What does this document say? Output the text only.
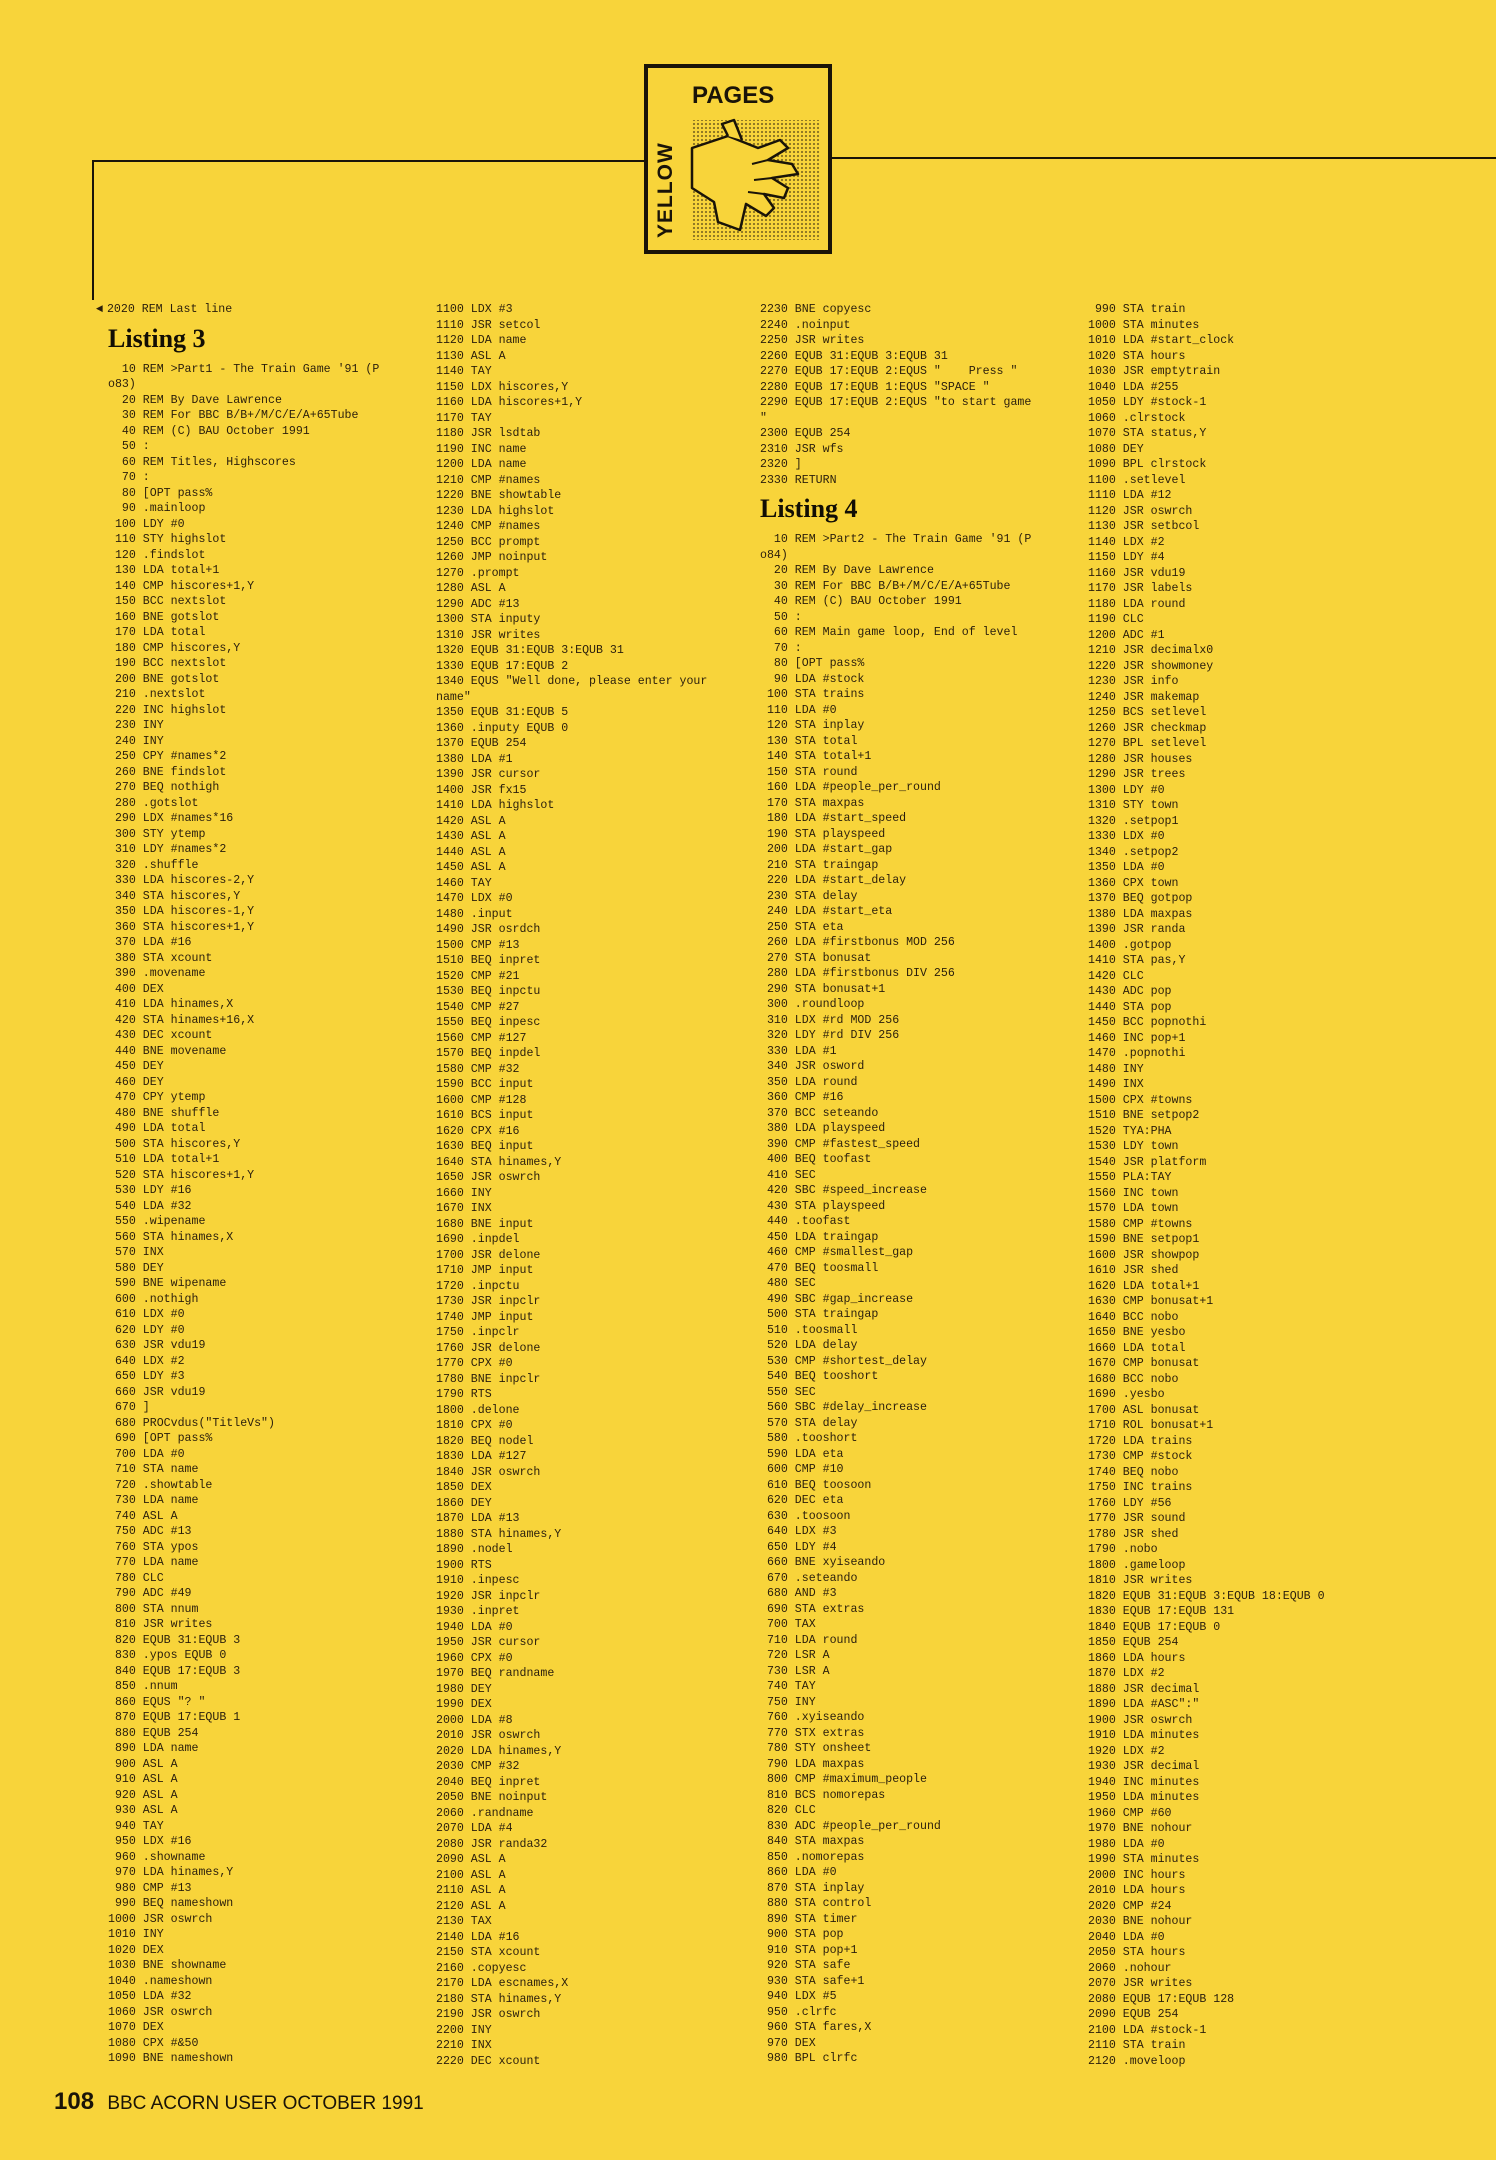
PAGES
YELLOW
◄ 2020 REM Last line
Listing 3
10 REM >Part1 - The Train Game '91 (P
o83)
20 REM By Dave Lawrence
30 REM For BBC B/B+/M/C/E/A+65Tube
40 REM (C) BAU October 1991
50 :
60 REM Titles, Highscores
70 :
80 [OPT pass%
90 .mainloop
100 LDY #0
110 STY highslot
120 .findslot
130 LDA total+1
140 CMP hiscores+1,Y
150 BCC nextslot
160 BNE gotslot
170 LDA total
180 CMP hiscores,Y
190 BCC nextslot
200 BNE gotslot
210 .nextslot
220 INC highslot
230 INY
240 INY
250 CPY #names*2
260 BNE findslot
270 BEQ nothigh
280 .gotslot
290 LDX #names*16
300 STY ytemp
310 LDY #names*2
320 .shuffle
330 LDA hiscores-2,Y
340 STA hiscores,Y
350 LDA hiscores-1,Y
360 STA hiscores+1,Y
370 LDA #16
380 STA xcount
390 .movename
400 DEX
410 LDA hinames,X
420 STA hinames+16,X
430 DEC xcount
440 BNE movename
450 DEY
460 DEY
470 CPY ytemp
480 BNE shuffle
490 LDA total
500 STA hiscores,Y
510 LDA total+1
520 STA hiscores+1,Y
530 LDY #16
540 LDA #32
550 .wipename
560 STA hinames,X
570 INX
580 DEY
590 BNE wipename
600 .nothigh
610 LDX #0
620 LDY #0
630 JSR vdu19
640 LDX #2
650 LDY #3
660 JSR vdu19
670 ]
680 PROCvdus("TitleVs")
690 [OPT pass%
700 LDA #0
710 STA name
720 .showtable
730 LDA name
740 ASL A
750 ADC #13
760 STA ypos
770 LDA name
780 CLC
790 ADC #49
800 STA nnum
810 JSR writes
820 EQUB 31:EQUB 3
830 .ypos EQUB 0
840 EQUB 17:EQUB 3
850 .nnum
860 EQUS "? "
870 EQUB 17:EQUB 1
880 EQUB 254
890 LDA name
900 ASL A
910 ASL A
920 ASL A
930 ASL A
940 TAY
950 LDX #16
960 .showname
970 LDA hinames,Y
980 CMP #13
990 BEQ nameshown
1000 JSR oswrch
1010 INY
1020 DEX
1030 BNE showname
1040 .nameshown
1050 LDA #32
1060 JSR oswrch
1070 DEX
1080 CPX #&50
1090 BNE nameshown
1100 LDX #3
1110 JSR setcol
1120 LDA name
1130 ASL A
1140 TAY
1150 LDX hiscores,Y
1160 LDA hiscores+1,Y
1170 TAY
1180 JSR lsdtab
1190 INC name
1200 LDA name
1210 CMP #names
1220 BNE showtable
1230 LDA highslot
1240 CMP #names
1250 BCC prompt
1260 JMP noinput
1270 .prompt
1280 ASL A
1290 ADC #13
1300 STA inputy
1310 JSR writes
1320 EQUB 31:EQUB 3:EQUB 31
1330 EQUB 17:EQUB 2
1340 EQUS "Well done, please enter your
name"
1350 EQUB 31:EQUB 5
1360 .inputy EQUB 0
1370 EQUB 254
1380 LDA #1
1390 JSR cursor
1400 JSR fx15
1410 LDA highslot
1420 ASL A
1430 ASL A
1440 ASL A
1450 ASL A
1460 TAY
1470 LDX #0
1480 .input
1490 JSR osrdch
1500 CMP #13
1510 BEQ inpret
1520 CMP #21
1530 BEQ inpctu
1540 CMP #27
1550 BEQ inpesc
1560 CMP #127
1570 BEQ inpdel
1580 CMP #32
1590 BCC input
1600 CMP #128
1610 BCS input
1620 CPX #16
1630 BEQ input
1640 STA hinames,Y
1650 JSR oswrch
1660 INY
1670 INX
1680 BNE input
1690 .inpdel
1700 JSR delone
1710 JMP input
1720 .inpctu
1730 JSR inpclr
1740 JMP input
1750 .inpclr
1760 JSR delone
1770 CPX #0
1780 BNE inpclr
1790 RTS
1800 .delone
1810 CPX #0
1820 BEQ nodel
1830 LDA #127
1840 JSR oswrch
1850 DEX
1860 DEY
1870 LDA #13
1880 STA hinames,Y
1890 .nodel
1900 RTS
1910 .inpesc
1920 JSR inpclr
1930 .inpret
1940 LDA #0
1950 JSR cursor
1960 CPX #0
1970 BEQ randname
1980 DEY
1990 DEX
2000 LDA #8
2010 JSR oswrch
2020 LDA hinames,Y
2030 CMP #32
2040 BEQ inpret
2050 BNE noinput
2060 .randname
2070 LDA #4
2080 JSR randa32
2090 ASL A
2100 ASL A
2110 ASL A
2120 ASL A
2130 TAX
2140 LDA #16
2150 STA xcount
2160 .copyesc
2170 LDA escnames,X
2180 STA hinames,Y
2190 JSR oswrch
2200 INY
2210 INX
2220 DEC xcount
2230 BNE copyesc
2240 .noinput
2250 JSR writes
2260 EQUB 31:EQUB 3:EQUB 31
2270 EQUB 17:EQUB 2:EQUS "    Press "
2280 EQUB 17:EQUB 1:EQUS "SPACE "
2290 EQUB 17:EQUB 2:EQUS "to start game
"
2300 EQUB 254
2310 JSR wfs
2320 ]
2330 RETURN
Listing 4
10 REM >Part2 - The Train Game '91 (P
o84)
20 REM By Dave Lawrence
30 REM For BBC B/B+/M/C/E/A+65Tube
40 REM (C) BAU October 1991
50 :
60 REM Main game loop, End of level
70 :
80 [OPT pass%
90 LDA #stock
100 STA trains
110 LDA #0
120 STA inplay
130 STA total
140 STA total+1
150 STA round
160 LDA #people_per_round
170 STA maxpas
180 LDA #start_speed
190 STA playspeed
200 LDA #start_gap
210 STA traingap
220 LDA #start_delay
230 STA delay
240 LDA #start_eta
250 STA eta
260 LDA #firstbonus MOD 256
270 STA bonusat
280 LDA #firstbonus DIV 256
290 STA bonusat+1
300 .roundloop
310 LDX #rd MOD 256
320 LDY #rd DIV 256
330 LDA #1
340 JSR osword
350 LDA round
360 CMP #16
370 BCC seteando
380 LDA playspeed
390 CMP #fastest_speed
400 BEQ toofast
410 SEC
420 SBC #speed_increase
430 STA playspeed
440 .toofast
450 LDA traingap
460 CMP #smallest_gap
470 BEQ toosmall
480 SEC
490 SBC #gap_increase
500 STA traingap
510 .toosmall
520 LDA delay
530 CMP #shortest_delay
540 BEQ tooshort
550 SEC
560 SBC #delay_increase
570 STA delay
580 .tooshort
590 LDA eta
600 CMP #10
610 BEQ toosoon
620 DEC eta
630 .toosoon
640 LDX #3
650 LDY #4
660 BNE xyiseando
670 .seteando
680 AND #3
690 STA extras
700 TAX
710 LDA round
720 LSR A
730 LSR A
740 TAY
750 INY
760 .xyiseando
770 STX extras
780 STY onsheet
790 LDA maxpas
800 CMP #maximum_people
810 BCS nomorepas
820 CLC
830 ADC #people_per_round
840 STA maxpas
850 .nomorepas
860 LDA #0
870 STA inplay
880 STA control
890 STA timer
900 STA pop
910 STA pop+1
920 STA safe
930 STA safe+1
940 LDX #5
950 .clrfc
960 STA fares,X
970 DEX
980 BPL clrfc
990 STA train
1000 STA minutes
1010 LDA #start_clock
1020 STA hours
1030 JSR emptytrain
1040 LDA #255
1050 LDY #stock-1
1060 .clrstock
1070 STA status,Y
1080 DEY
1090 BPL clrstock
1100 .setlevel
1110 LDA #12
1120 JSR oswrch
1130 JSR setbcol
1140 LDX #2
1150 LDY #4
1160 JSR vdu19
1170 JSR labels
1180 LDA round
1190 CLC
1200 ADC #1
1210 JSR decimalx0
1220 JSR showmoney
1230 JSR info
1240 JSR makemap
1250 BCS setlevel
1260 JSR checkmap
1270 BPL setlevel
1280 JSR houses
1290 JSR trees
1300 LDY #0
1310 STY town
1320 .setpop1
1330 LDX #0
1340 .setpop2
1350 LDA #0
1360 CPX town
1370 BEQ gotpop
1380 LDA maxpas
1390 JSR randa
1400 .gotpop
1410 STA pas,Y
1420 CLC
1430 ADC pop
1440 STA pop
1450 BCC popnothi
1460 INC pop+1
1470 .popnothi
1480 INY
1490 INX
1500 CPX #towns
1510 BNE setpop2
1520 TYA:PHA
1530 LDY town
1540 JSR platform
1550 PLA:TAY
1560 INC town
1570 LDA town
1580 CMP #towns
1590 BNE setpop1
1600 JSR showpop
1610 JSR shed
1620 LDA total+1
1630 CMP bonusat+1
1640 BCC nobo
1650 BNE yesbo
1660 LDA total
1670 CMP bonusat
1680 BCC nobo
1690 .yesbo
1700 ASL bonusat
1710 ROL bonusat+1
1720 LDA trains
1730 CMP #stock
1740 BEQ nobo
1750 INC trains
1760 LDY #56
1770 JSR sound
1780 JSR shed
1790 .nobo
1800 .gameloop
1810 JSR writes
1820 EQUB 31:EQUB 3:EQUB 18:EQUB 0
1830 EQUB 17:EQUB 131
1840 EQUB 17:EQUB 0
1850 EQUB 254
1860 LDA hours
1870 LDX #2
1880 JSR decimal
1890 LDA #ASC":"
1900 JSR oswrch
1910 LDA minutes
1920 LDX #2
1930 JSR decimal
1940 INC minutes
1950 LDA minutes
1960 CMP #60
1970 BNE nohour
1980 LDA #0
1990 STA minutes
2000 INC hours
2010 LDA hours
2020 CMP #24
2030 BNE nohour
2040 LDA #0
2050 STA hours
2060 .nohour
2070 JSR writes
2080 EQUB 17:EQUB 128
2090 EQUB 254
2100 LDA #stock-1
2110 STA train
2120 .moveloop
108 BBC ACORN USER OCTOBER 1991
